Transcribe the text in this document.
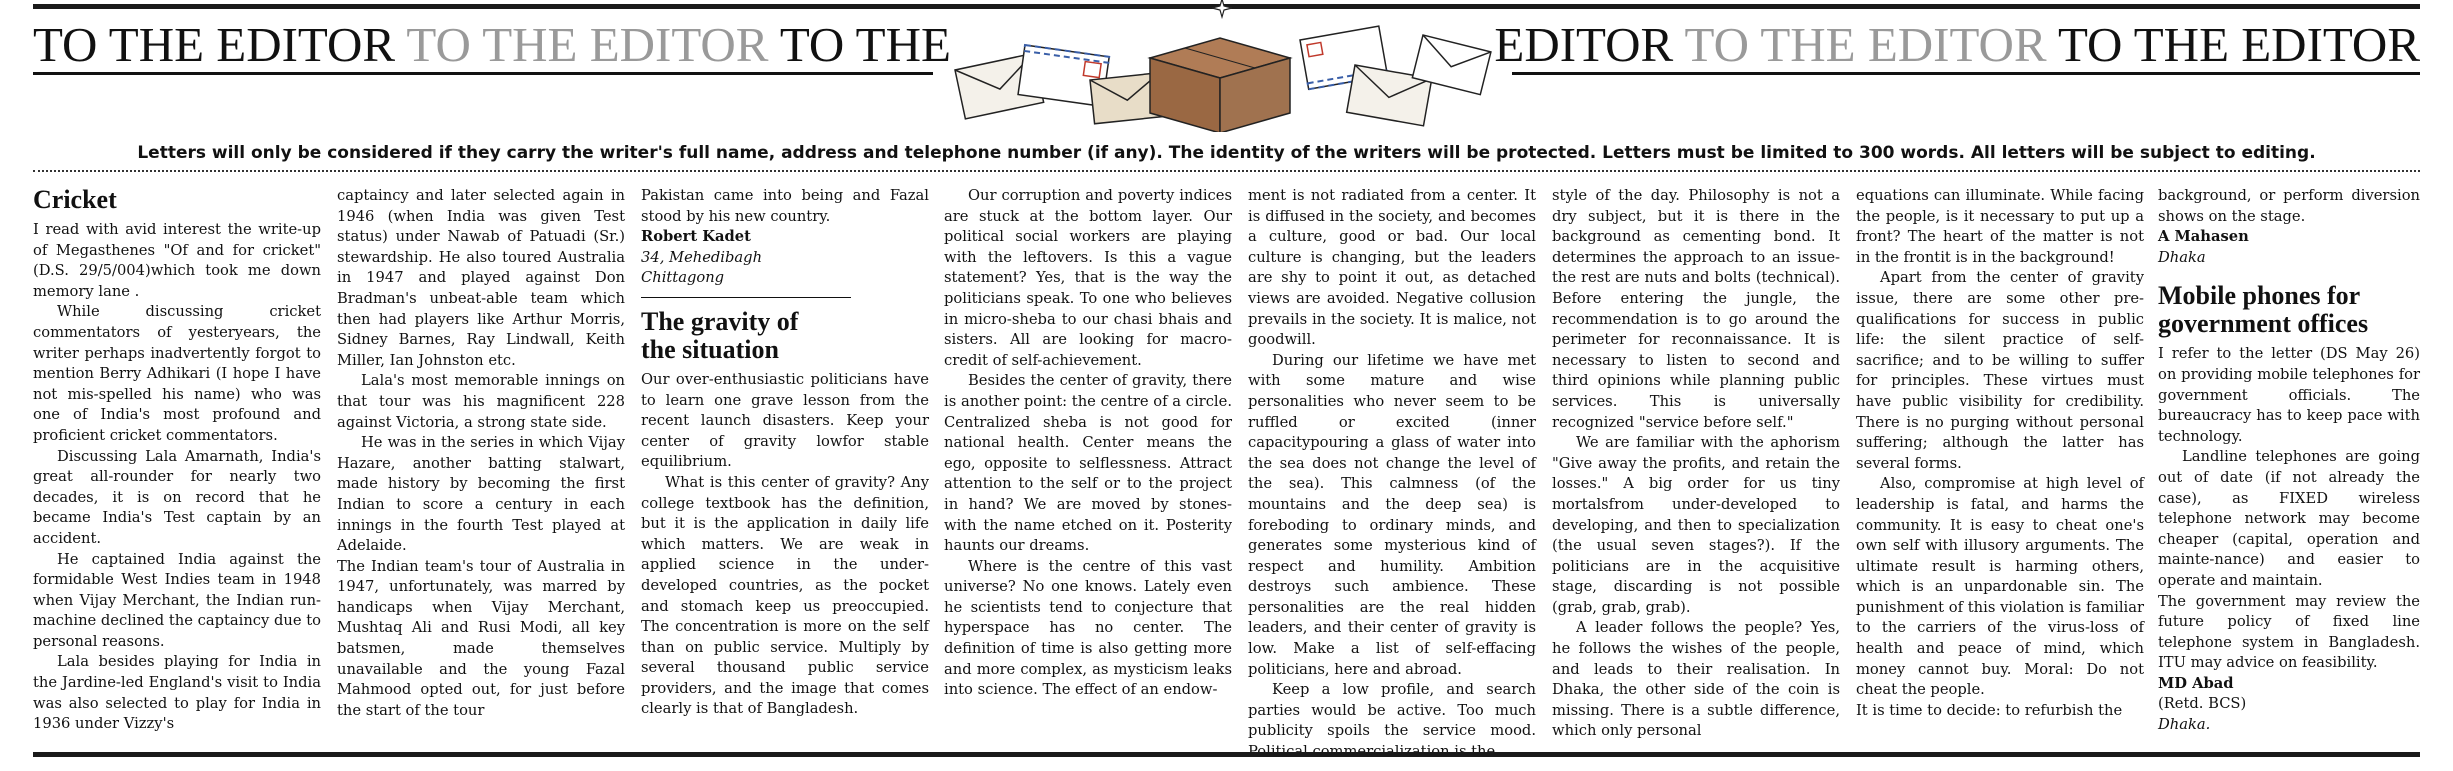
TO THE EDITOR TO THE EDITOR TO THE	EDITOR TO THE EDITOR TO THE EDITOR
Letters will only be considered if they carry the writer's full name, address and telephone number (if any). The identity of the writers will be protected. Letters must be limited to 300 words. All letters will be subject to editing.
Cricket

I read with avid interest the write-up of Megasthenes "Of and for cricket" (D.S. 29/5/004)which took me down memory lane .

While discussing cricket commentators of yesteryears, the writer perhaps inadvertently forgot to mention Berry Adhikari (I hope I have not mis-spelled his name) who was one of India's most profound and proficient cricket commentators.

Discussing Lala Amarnath, India's great all-rounder for nearly two decades, it is on record that he became India's Test captain by an accident.

He captained India against the formidable West Indies team in 1948 when Vijay Merchant, the Indian run-machine declined the captaincy due to personal reasons.

Lala besides playing for India in the Jardine-led England's visit to India was also selected to play for India in 1936 under Vizzy's

captaincy and later selected again in 1946 (when India was given Test status) under Nawab of Patuadi (Sr.) stewardship. He also toured Australia in 1947 and played against Don Bradman's unbeat-able team which then had players like Arthur Morris, Sidney Barnes, Ray Lindwall, Keith Miller, Ian Johnston etc.

Lala's most memorable innings on that tour was his magnificent 228 against Victoria, a strong state side.

He was in the series in which Vijay Hazare, another batting stalwart, made history by becoming the first Indian to score a century in each innings in the fourth Test played at Adelaide.

The Indian team's tour of Australia in 1947, unfortunately, was marred by handicaps when Vijay Merchant, Mushtaq Ali and Rusi Modi, all key batsmen, made themselves unavailable and the young Fazal Mahmood opted out, for just before the start of the tour

Pakistan came into being and Fazal stood by his new country.

Robert Kadet

34, Mehedibagh

Chittagong

The gravity of
the situation

Our over-enthusiastic politicians have to learn one grave lesson from the recent launch disasters. Keep your center of gravity lowfor stable equilibrium.

What is this center of gravity? Any college textbook has the definition, but it is the application in daily life which matters. We are weak in applied science in the under-developed countries, as the pocket and stomach keep us preoccupied. The concentration is more on the self than on public service. Multiply by several thousand public service providers, and the image that comes clearly is that of Bangladesh.

Our corruption and poverty indices are stuck at the bottom layer. Our political social workers are playing with the leftovers. Is this a vague statement? Yes, that is the way the politicians speak. To one who believes in micro-sheba to our chasi bhais and sisters. All are looking for macro-credit of self-achievement.

Besides the center of gravity, there is another point: the centre of a circle. Centralized sheba is not good for national health. Center means the ego, opposite to selflessness. Attract attention to the self or to the project in hand? We are moved by stones- with the name etched on it. Posterity haunts our dreams.

Where is the centre of this vast universe? No one knows. Lately even he scientists tend to conjecture that hyperspace has no center. The definition of time is also getting more and more complex, as mysticism leaks into science. The effect of an endow-

ment is not radiated from a center. It is diffused in the society, and becomes a culture, good or bad. Our local culture is changing, but the leaders are shy to point it out, as detached views are avoided. Negative collusion prevails in the society. It is malice, not goodwill.

During our lifetime we have met with some mature and wise personalities who never seem to be ruffled or excited (inner capacitypouring a glass of water into the sea does not change the level of the sea). This calmness (of the mountains and the deep sea) is foreboding to ordinary minds, and generates some mysterious kind of respect and humility. Ambition destroys such ambience. These personalities are the real hidden leaders, and their center of gravity is low. Make a list of self-effacing politicians, here and abroad.

Keep a low profile, and search parties would be active. Too much publicity spoils the service mood.

style of the day. Philosophy is not a dry subject, but it is there in the background as cementing bond. It determines the approach to an issue- the rest are nuts and bolts (technical). Before entering the jungle, the recommendation is to go around the perimeter for reconnaissance. It is necessary to listen to second and third opinions while planning public services. This is universally recognized "service before self."

We are familiar with the aphorism "Give away the profits, and retain the losses." A big order for us tiny mortalsfrom under-developed to developing, and then to specialization (the usual seven stages?). If the politicians are in the acquisitive stage, discarding is not possible (grab, grab, grab).

A leader follows the people? Yes, he follows the wishes of the people, and leads to their realisation. In Dhaka, the other side of the coin is missing. There is a subtle difference, which only personal

equations can illuminate. While facing the people, is it necessary to put up a front? The heart of the matter is not in the frontit is in the background!

Apart from the center of gravity issue, there are some other pre-qualifications for success in public life: the silent practice of self-sacrifice; and to be willing to suffer for principles. These virtues must have public visibility for credibility. There is no purging without personal suffering; although the latter has several forms.

Also, compromise at high level of leadership is fatal, and harms the community. It is easy to cheat one's own self with illusory arguments. The ultimate result is harming others, which is an unpardonable sin. The punishment of this violation is familiar to the carriers of the virus-loss of health and peace of mind, which money cannot buy. Moral: Do not cheat the people.

It is time to decide: to refurbish the

background, or perform diversion shows on the stage.

A Mahasen

Dhaka

Mobile phones for
government offices

I refer to the letter (DS May 26) on providing mobile telephones for government officials. The bureaucracy has to keep pace with technology.

Landline telephones are going out of date (if not already the case), as FIXED wireless telephone network may become cheaper (capital, operation and mainte-nance) and easier to operate and maintain.

The government may review the future policy of fixed line telephone system in Bangladesh. ITU may advice on feasibility.

MD Abad

(Retd. BCS)

Dhaka.
